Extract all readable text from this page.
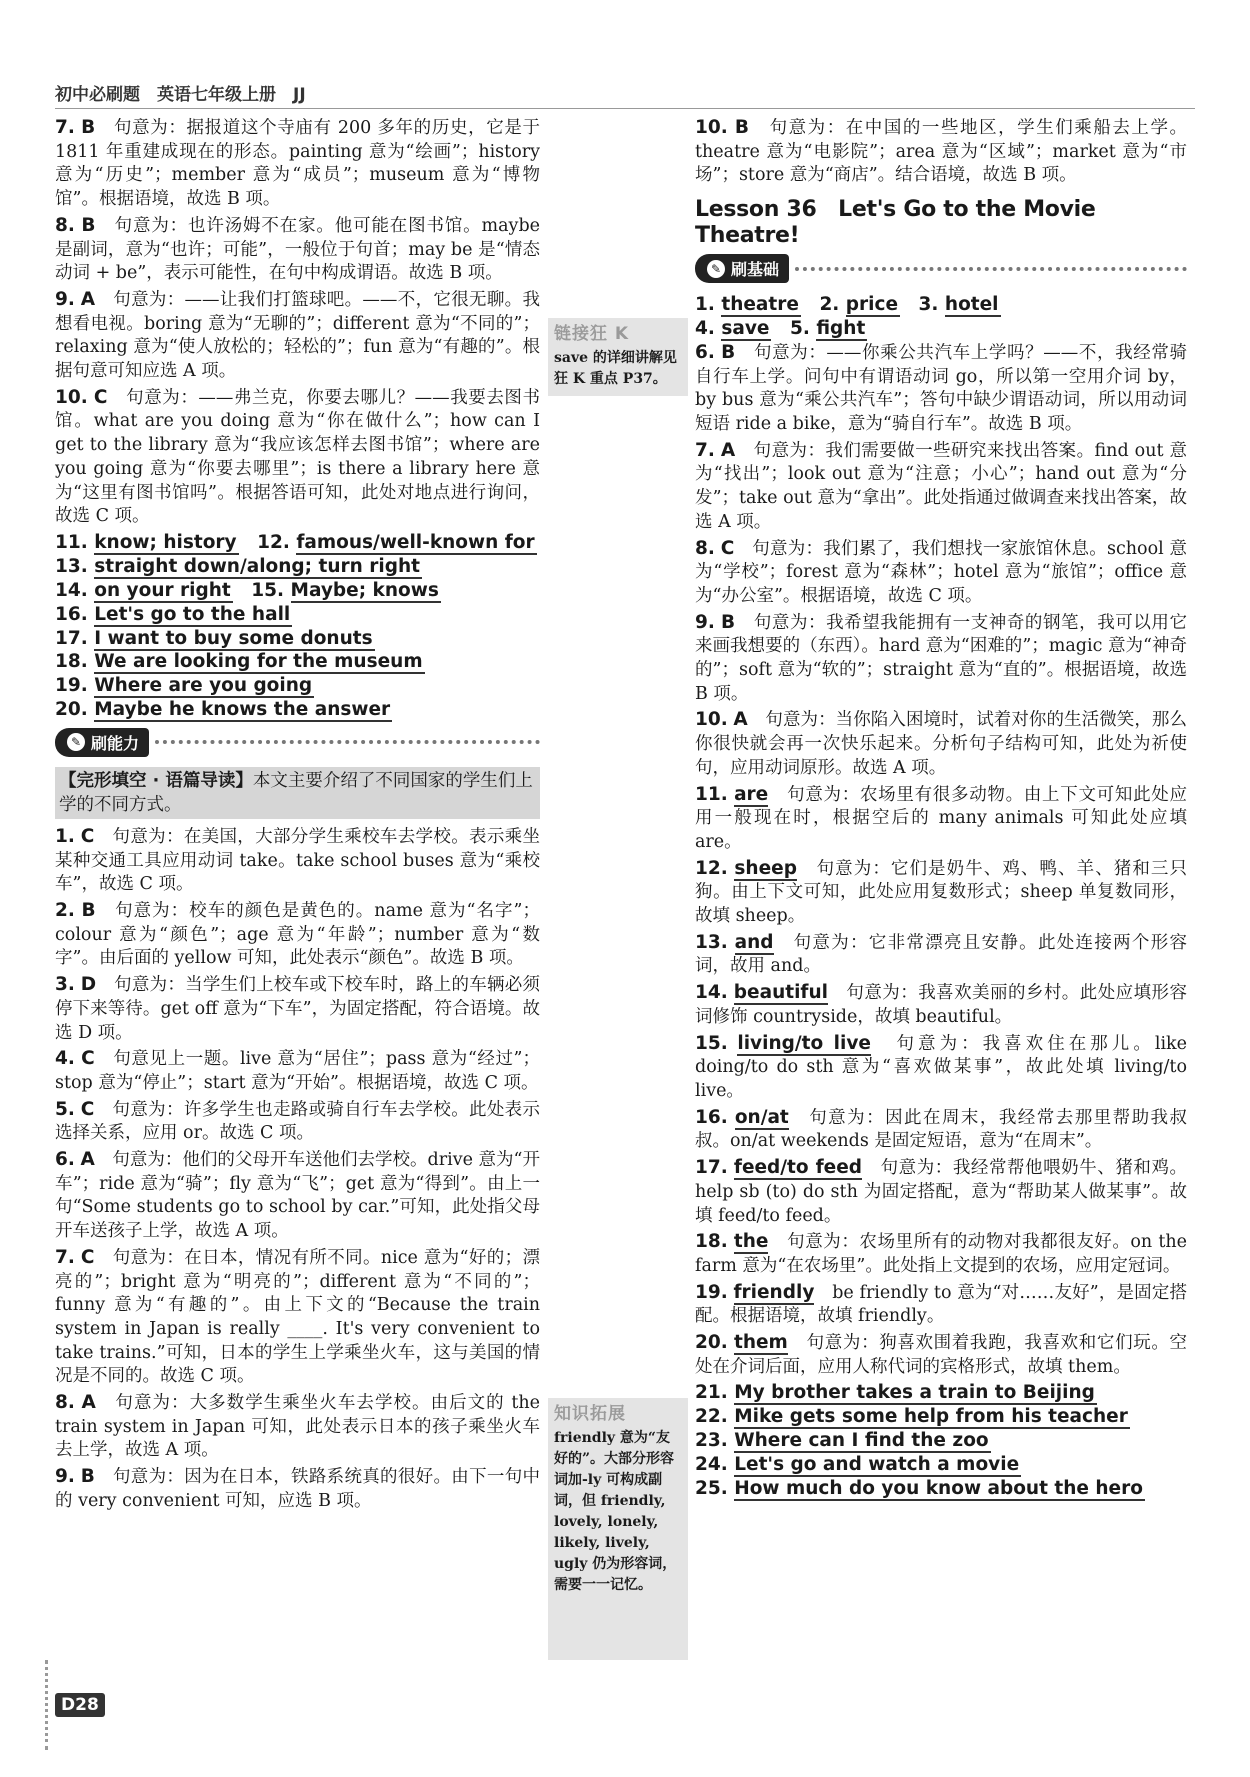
初中必刷题　英语七年级上册　JJ
7. B　 句意为：据报道这个寺庙有 200 多年的历史，它是于 1811 年重建成现在的形态。painting 意为“绘画”；history 意为“历史”；member 意为“成员”；museum 意为“博物馆”。根据语境，故选 B 项。
8. B　 句意为：也许汤姆不在家。他可能在图书馆。maybe 是副词，意为“也许；可能”，一般位于句首；may be 是“情态动词 + be”，表示可能性，在句中构成谓语。故选 B 项。
9. A　 句意为：——让我们打篮球吧。——不，它很无聊。我想看电视。boring 意为“无聊的”；different 意为“不同的”；relaxing 意为“使人放松的；轻松的”；fun 意为“有趣的”。根据句意可知应选 A 项。
10. C　 句意为：——弗兰克，你要去哪儿？——我要去图书馆。what are you doing 意为“你在做什么”；how can I get to the library 意为“我应该怎样去图书馆”；where are you going 意为“你要去哪里”；is there a library here 意为“这里有图书馆吗”。根据答语可知，此处对地点进行询问，故选 C 项。
11. know; history　 12. famous/well-known for　
13. straight down/along; turn right　
14. on your right　 15. Maybe; knows　
16. Let's go to the hall　
17. I want to buy some donuts　
18. We are looking for the museum　
19. Where are you going　
20. Maybe he knows the answer　
✎ 刷能力
【完形填空 · 语篇导读】本文主要介绍了不同国家的学生们上学的不同方式。
1. C　 句意为：在美国，大部分学生乘校车去学校。表示乘坐某种交通工具应用动词 take。take school buses 意为“乘校车”，故选 C 项。
2. B　 句意为：校车的颜色是黄色的。name 意为“名字”；colour 意为“颜色”；age 意为“年龄”；number 意为“数字”。由后面的 yellow 可知，此处表示“颜色”。故选 B 项。
3. D　 句意为：当学生们上校车或下校车时，路上的车辆必须停下来等待。get off 意为“下车”，为固定搭配，符合语境。故选 D 项。
4. C　 句意见上一题。live 意为“居住”；pass 意为“经过”；stop 意为“停止”；start 意为“开始”。根据语境，故选 C 项。
5. C　 句意为：许多学生也走路或骑自行车去学校。此处表示选择关系，应用 or。故选 C 项。
6. A　 句意为：他们的父母开车送他们去学校。drive 意为“开车”；ride 意为“骑”；fly 意为“飞”；get 意为“得到”。由上一句“Some students go to school by car.”可知，此处指父母开车送孩子上学，故选 A 项。
7. C　 句意为：在日本，情况有所不同。nice 意为“好的；漂亮的”；bright 意为“明亮的”；different 意为“不同的”；funny 意为“有趣的”。由上下文的“Because the train system in Japan is really ____. It's very convenient to take trains.”可知，日本的学生上学乘坐火车，这与美国的情况是不同的。故选 C 项。
8. A　 句意为：大多数学生乘坐火车去学校。由后文的 the train system in Japan 可知，此处表示日本的孩子乘坐火车去上学，故选 A 项。
9. B　 句意为：因为在日本，铁路系统真的很好。由下一句中的 very convenient 可知，应选 B 项。
链接狂 K
save 的详细讲解见狂 K 重点 P37。
知识拓展
friendly 意为“友好的”。大部分形容词加-ly 可构成副词，但 friendly, lovely, lonely, likely, lively, ugly 仍为形容词，需要一一记忆。
10. B　 句意为：在中国的一些地区，学生们乘船去上学。theatre 意为“电影院”；area 意为“区域”；market 意为“市场”；store 意为“商店”。结合语境，故选 B 项。
Lesson 36　Let's Go to the Movie Theatre!
✎ 刷基础
1. theatre　 2. price　 3. hotel　
4. save　 5. fight　
6. B　 句意为：——你乘公共汽车上学吗？——不，我经常骑自行车上学。问句中有谓语动词 go，所以第一空用介词 by，by bus 意为“乘公共汽车”；答句中缺少谓语动词，所以用动词短语 ride a bike，意为“骑自行车”。故选 B 项。
7. A　 句意为：我们需要做一些研究来找出答案。find out 意为“找出”；look out 意为“注意；小心”；hand out 意为“分发”；take out 意为“拿出”。此处指通过做调查来找出答案，故选 A 项。
8. C　 句意为：我们累了，我们想找一家旅馆休息。school 意为“学校”；forest 意为“森林”；hotel 意为“旅馆”；office 意为“办公室”。根据语境，故选 C 项。
9. B　 句意为：我希望我能拥有一支神奇的钢笔，我可以用它来画我想要的（东西）。hard 意为“困难的”；magic 意为“神奇的”；soft 意为“软的”；straight 意为“直的”。根据语境，故选 B 项。
10. A　 句意为：当你陷入困境时，试着对你的生活微笑，那么你很快就会再一次快乐起来。分析句子结构可知，此处为祈使句，应用动词原形。故选 A 项。
11. are　 句意为：农场里有很多动物。由上下文可知此处应用一般现在时，根据空后的 many animals 可知此处应填 are。
12. sheep　 句意为：它们是奶牛、鸡、鸭、羊、猪和三只狗。由上下文可知，此处应用复数形式；sheep 单复数同形，故填 sheep。
13. and　 句意为：它非常漂亮且安静。此处连接两个形容词，故用 and。
14. beautiful　 句意为：我喜欢美丽的乡村。此处应填形容词修饰 countryside，故填 beautiful。
15. living/to live　 句意为：我喜欢住在那儿。like doing/to do sth 意为“喜欢做某事”，故此处填 living/to live。
16. on/at　 句意为：因此在周末，我经常去那里帮助我叔叔。on/at weekends 是固定短语，意为“在周末”。
17. feed/to feed　 句意为：我经常帮他喂奶牛、猪和鸡。help sb (to) do sth 为固定搭配，意为“帮助某人做某事”。故填 feed/to feed。
18. the　 句意为：农场里所有的动物对我都很友好。on the farm 意为“在农场里”。此处指上文提到的农场，应用定冠词。
19. friendly　 be friendly to 意为“对……友好”，是固定搭配。根据语境，故填 friendly。
20. them　 句意为：狗喜欢围着我跑，我喜欢和它们玩。空处在介词后面，应用人称代词的宾格形式，故填 them。
21. My brother takes a train to Beijing　
22. Mike gets some help from his teacher　
23. Where can I find the zoo　
24. Let's go and watch a movie　
25. How much do you know about the hero　
D28
